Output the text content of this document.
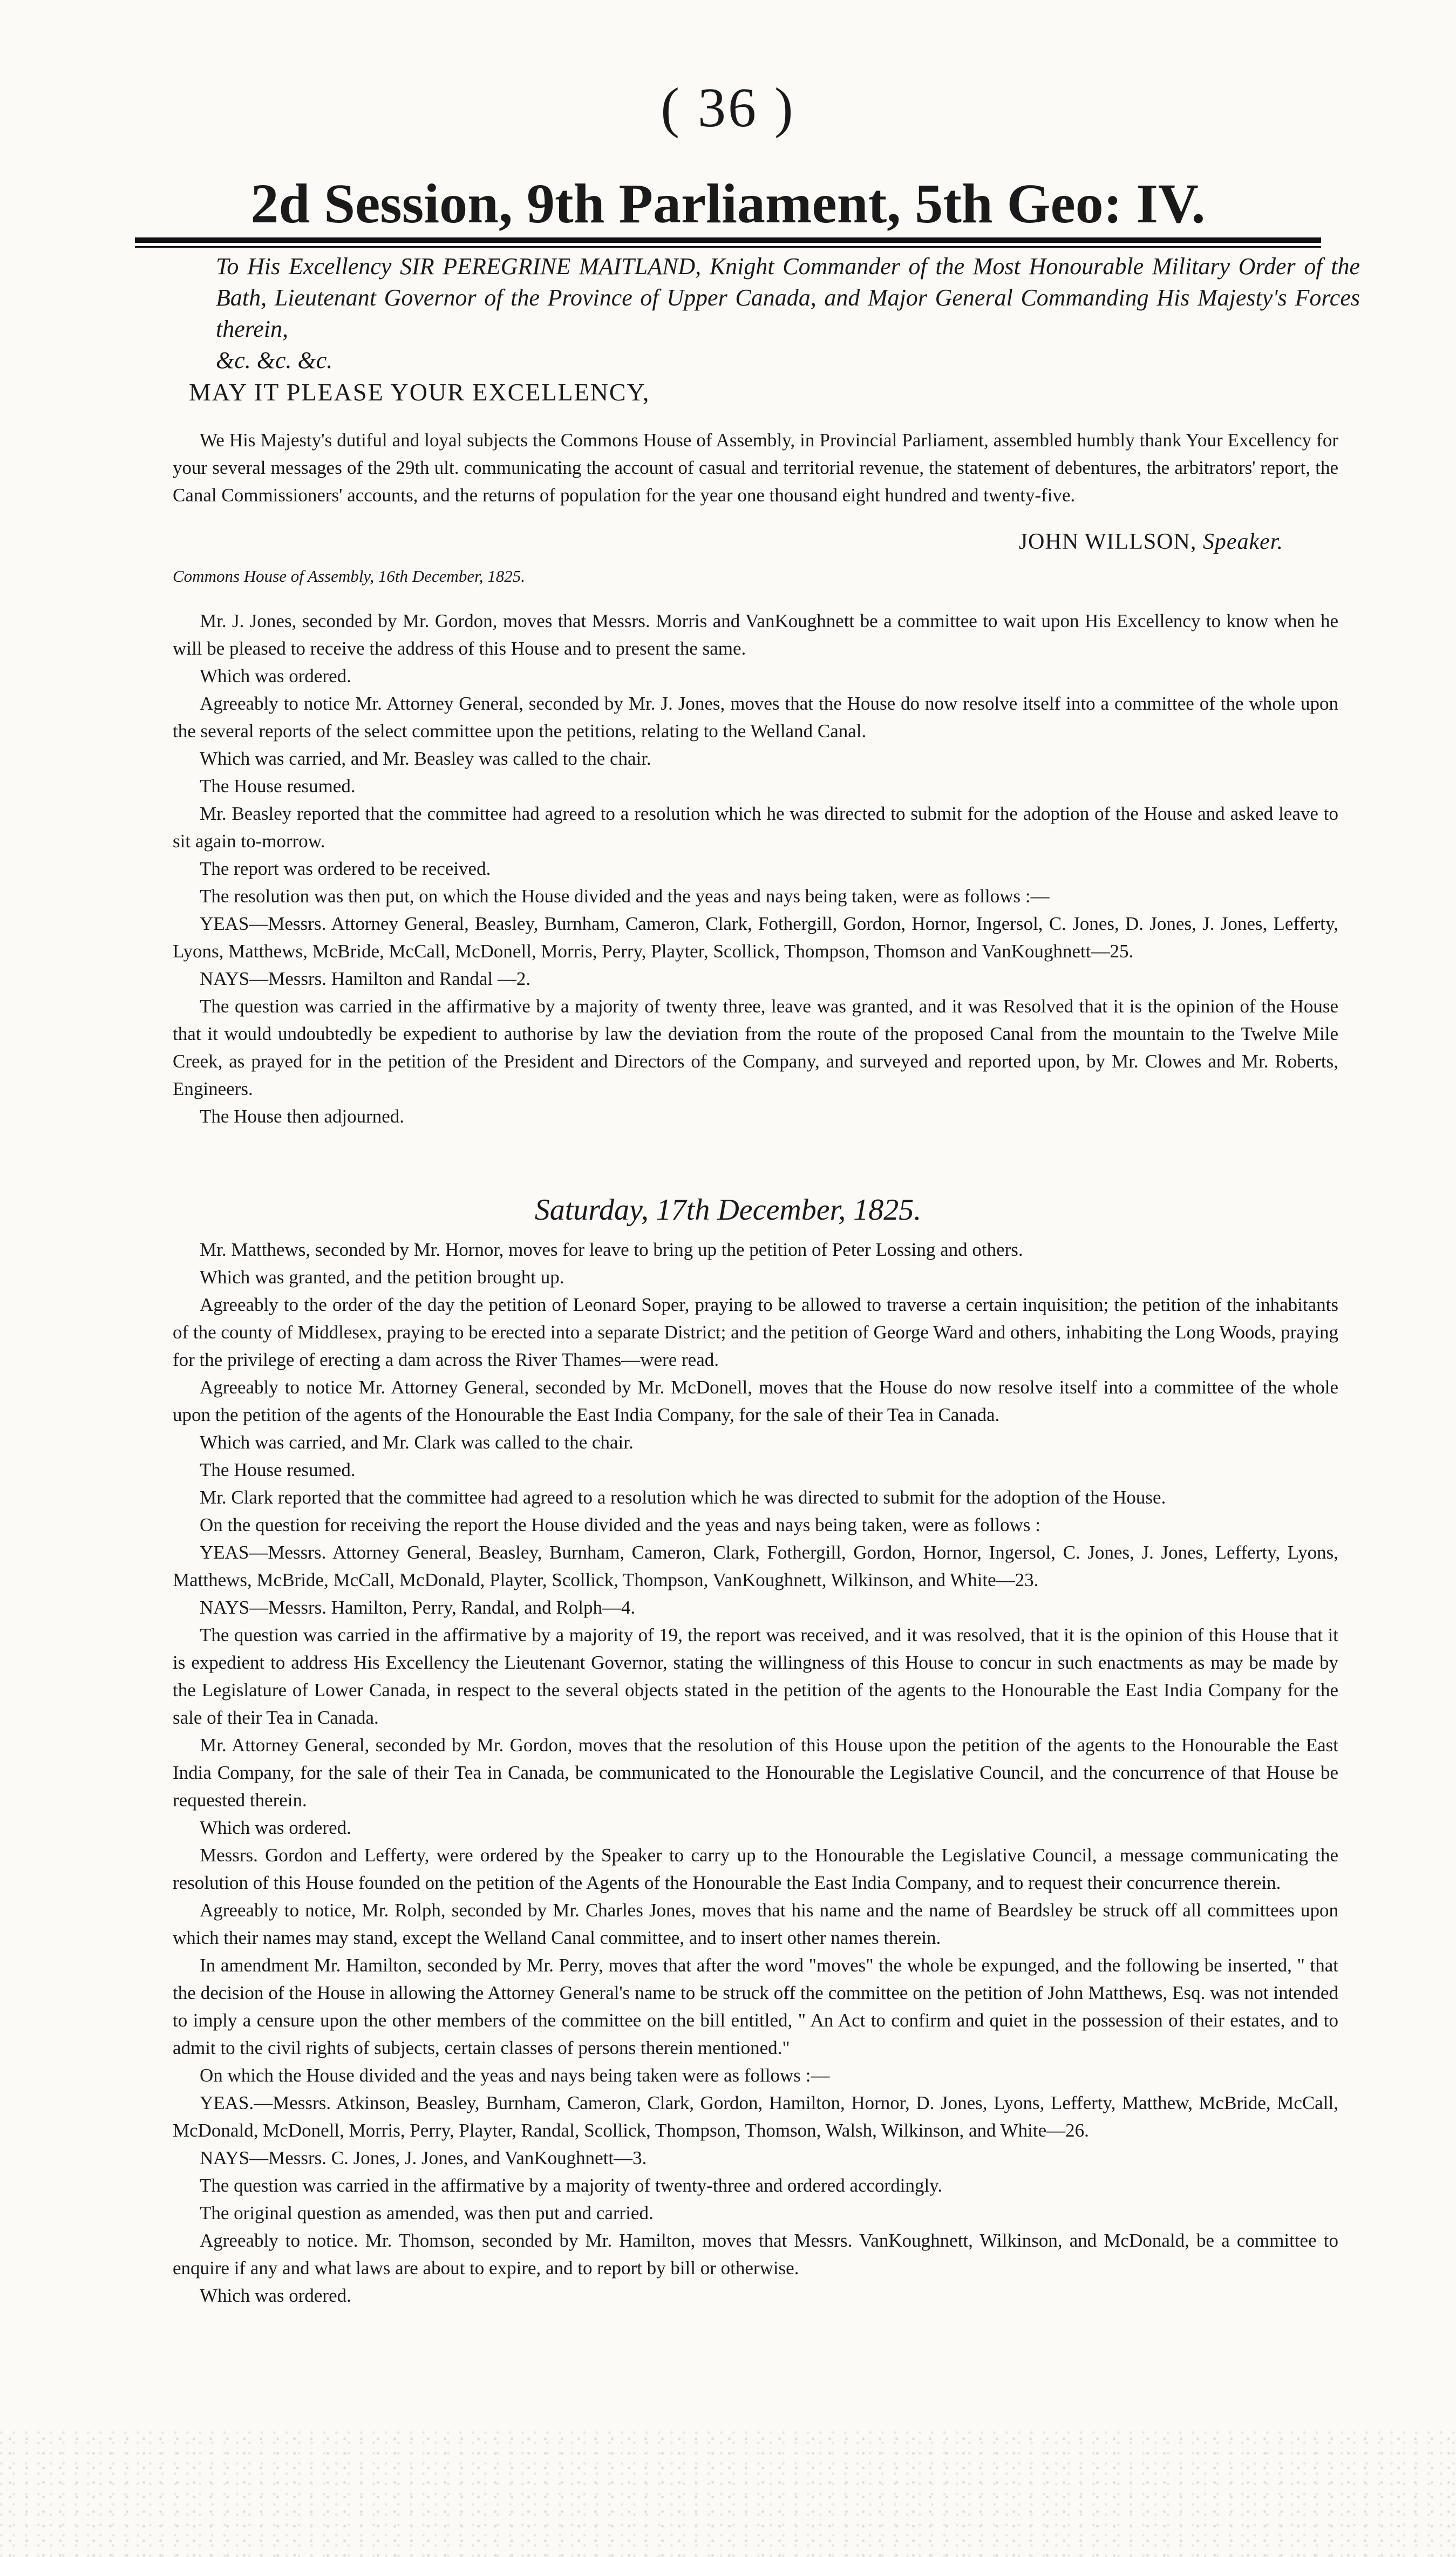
( 36 )
2d Session, 9th Parliament, 5th Geo: IV.
To His Excellency SIR PEREGRINE MAITLAND, Knight Commander of the Most Honourable Military Order of the Bath, Lieutenant Governor of the Province of Upper Canada, and Major General Commanding His Majesty's Forces therein,
&c. &c. &c.
MAY IT PLEASE YOUR EXCELLENCY,

We His Majesty's dutiful and loyal subjects the Commons House of Assembly, in Provincial Parliament, assembled humbly thank Your Excellency for your several messages of the 29th ult. communicating the account of casual and territorial revenue, the statement of debentures, the arbitrators' report, the Canal Commissioners' accounts, and the returns of population for the year one thousand eight hundred and twenty-five.

JOHN WILLSON, Speaker.
Commons House of Assembly, 16th December, 1825.

Mr. J. Jones, seconded by Mr. Gordon, moves that Messrs. Morris and VanKoughnett be a committee to wait upon His Excellency to know when he will be pleased to receive the address of this House and to present the same.

Which was ordered.

Agreeably to notice Mr. Attorney General, seconded by Mr. J. Jones, moves that the House do now resolve itself into a committee of the whole upon the several reports of the select committee upon the petitions, relating to the Welland Canal.

Which was carried, and Mr. Beasley was called to the chair.

The House resumed.

Mr. Beasley reported that the committee had agreed to a resolution which he was directed to submit for the adoption of the House and asked leave to sit again to-morrow.

The report was ordered to be received.

The resolution was then put, on which the House divided and the yeas and nays being taken, were as follows :—

YEAS—Messrs. Attorney General, Beasley, Burnham, Cameron, Clark, Fothergill, Gordon, Hornor, Ingersol, C. Jones, D. Jones, J. Jones, Lefferty, Lyons, Matthews, McBride, McCall, McDonell, Morris, Perry, Playter, Scollick, Thompson, Thomson and VanKoughnett—25.

NAYS—Messrs. Hamilton and Randal —2.

The question was carried in the affirmative by a majority of twenty three, leave was granted, and it was Resolved that it is the opinion of the House that it would undoubtedly be expedient to authorise by law the deviation from the route of the proposed Canal from the mountain to the Twelve Mile Creek, as prayed for in the petition of the President and Directors of the Company, and surveyed and reported upon, by Mr. Clowes and Mr. Roberts, Engineers.

The House then adjourned.

Saturday, 17th December, 1825.

Mr. Matthews, seconded by Mr. Hornor, moves for leave to bring up the petition of Peter Lossing and others.

Which was granted, and the petition brought up.

Agreeably to the order of the day the petition of Leonard Soper, praying to be allowed to traverse a certain inquisition; the petition of the inhabitants of the county of Middlesex, praying to be erected into a separate District; and the petition of George Ward and others, inhabiting the Long Woods, praying for the privilege of erecting a dam across the River Thames—were read.

Agreeably to notice Mr. Attorney General, seconded by Mr. McDonell, moves that the House do now resolve itself into a committee of the whole upon the petition of the agents of the Honourable the East India Company, for the sale of their Tea in Canada.

Which was carried, and Mr. Clark was called to the chair.

The House resumed.

Mr. Clark reported that the committee had agreed to a resolution which he was directed to submit for the adoption of the House.

On the question for receiving the report the House divided and the yeas and nays being taken, were as follows :

YEAS—Messrs. Attorney General, Beasley, Burnham, Cameron, Clark, Fothergill, Gordon, Hornor, Ingersol, C. Jones, J. Jones, Lefferty, Lyons, Matthews, McBride, McCall, McDonald, Playter, Scollick, Thompson, VanKoughnett, Wilkinson, and White—23.

NAYS—Messrs. Hamilton, Perry, Randal, and Rolph—4.

The question was carried in the affirmative by a majority of 19, the report was received, and it was resolved, that it is the opinion of this House that it is expedient to address His Excellency the Lieutenant Governor, stating the willingness of this House to concur in such enactments as may be made by the Legislature of Lower Canada, in respect to the several objects stated in the petition of the agents to the Honourable the East India Company for the sale of their Tea in Canada.

Mr. Attorney General, seconded by Mr. Gordon, moves that the resolution of this House upon the petition of the agents to the Honourable the East India Company, for the sale of their Tea in Canada, be communicated to the Honourable the Legislative Council, and the concurrence of that House be requested therein.

Which was ordered.

Messrs. Gordon and Lefferty, were ordered by the Speaker to carry up to the Honourable the Legislative Council, a message communicating the resolution of this House founded on the petition of the Agents of the Honourable the East India Company, and to request their concurrence therein.

Agreeably to notice, Mr. Rolph, seconded by Mr. Charles Jones, moves that his name and the name of Beardsley be struck off all committees upon which their names may stand, except the Welland Canal committee, and to insert other names therein.

In amendment Mr. Hamilton, seconded by Mr. Perry, moves that after the word "moves" the whole be expunged, and the following be inserted, " that the decision of the House in allowing the Attorney General's name to be struck off the committee on the petition of John Matthews, Esq. was not intended to imply a censure upon the other members of the committee on the bill entitled, " An Act to confirm and quiet in the possession of their estates, and to admit to the civil rights of subjects, certain classes of persons therein mentioned."

On which the House divided and the yeas and nays being taken were as follows :—

YEAS.—Messrs. Atkinson, Beasley, Burnham, Cameron, Clark, Gordon, Hamilton, Hornor, D. Jones, Lyons, Lefferty, Matthew, McBride, McCall, McDonald, McDonell, Morris, Perry, Playter, Randal, Scollick, Thompson, Thomson, Walsh, Wilkinson, and White—26.

NAYS—Messrs. C. Jones, J. Jones, and VanKoughnett—3.

The question was carried in the affirmative by a majority of twenty-three and ordered accordingly.

The original question as amended, was then put and carried.

Agreeably to notice. Mr. Thomson, seconded by Mr. Hamilton, moves that Messrs. VanKoughnett, Wilkinson, and McDonald, be a committee to enquire if any and what laws are about to expire, and to report by bill or otherwise.

Which was ordered.
